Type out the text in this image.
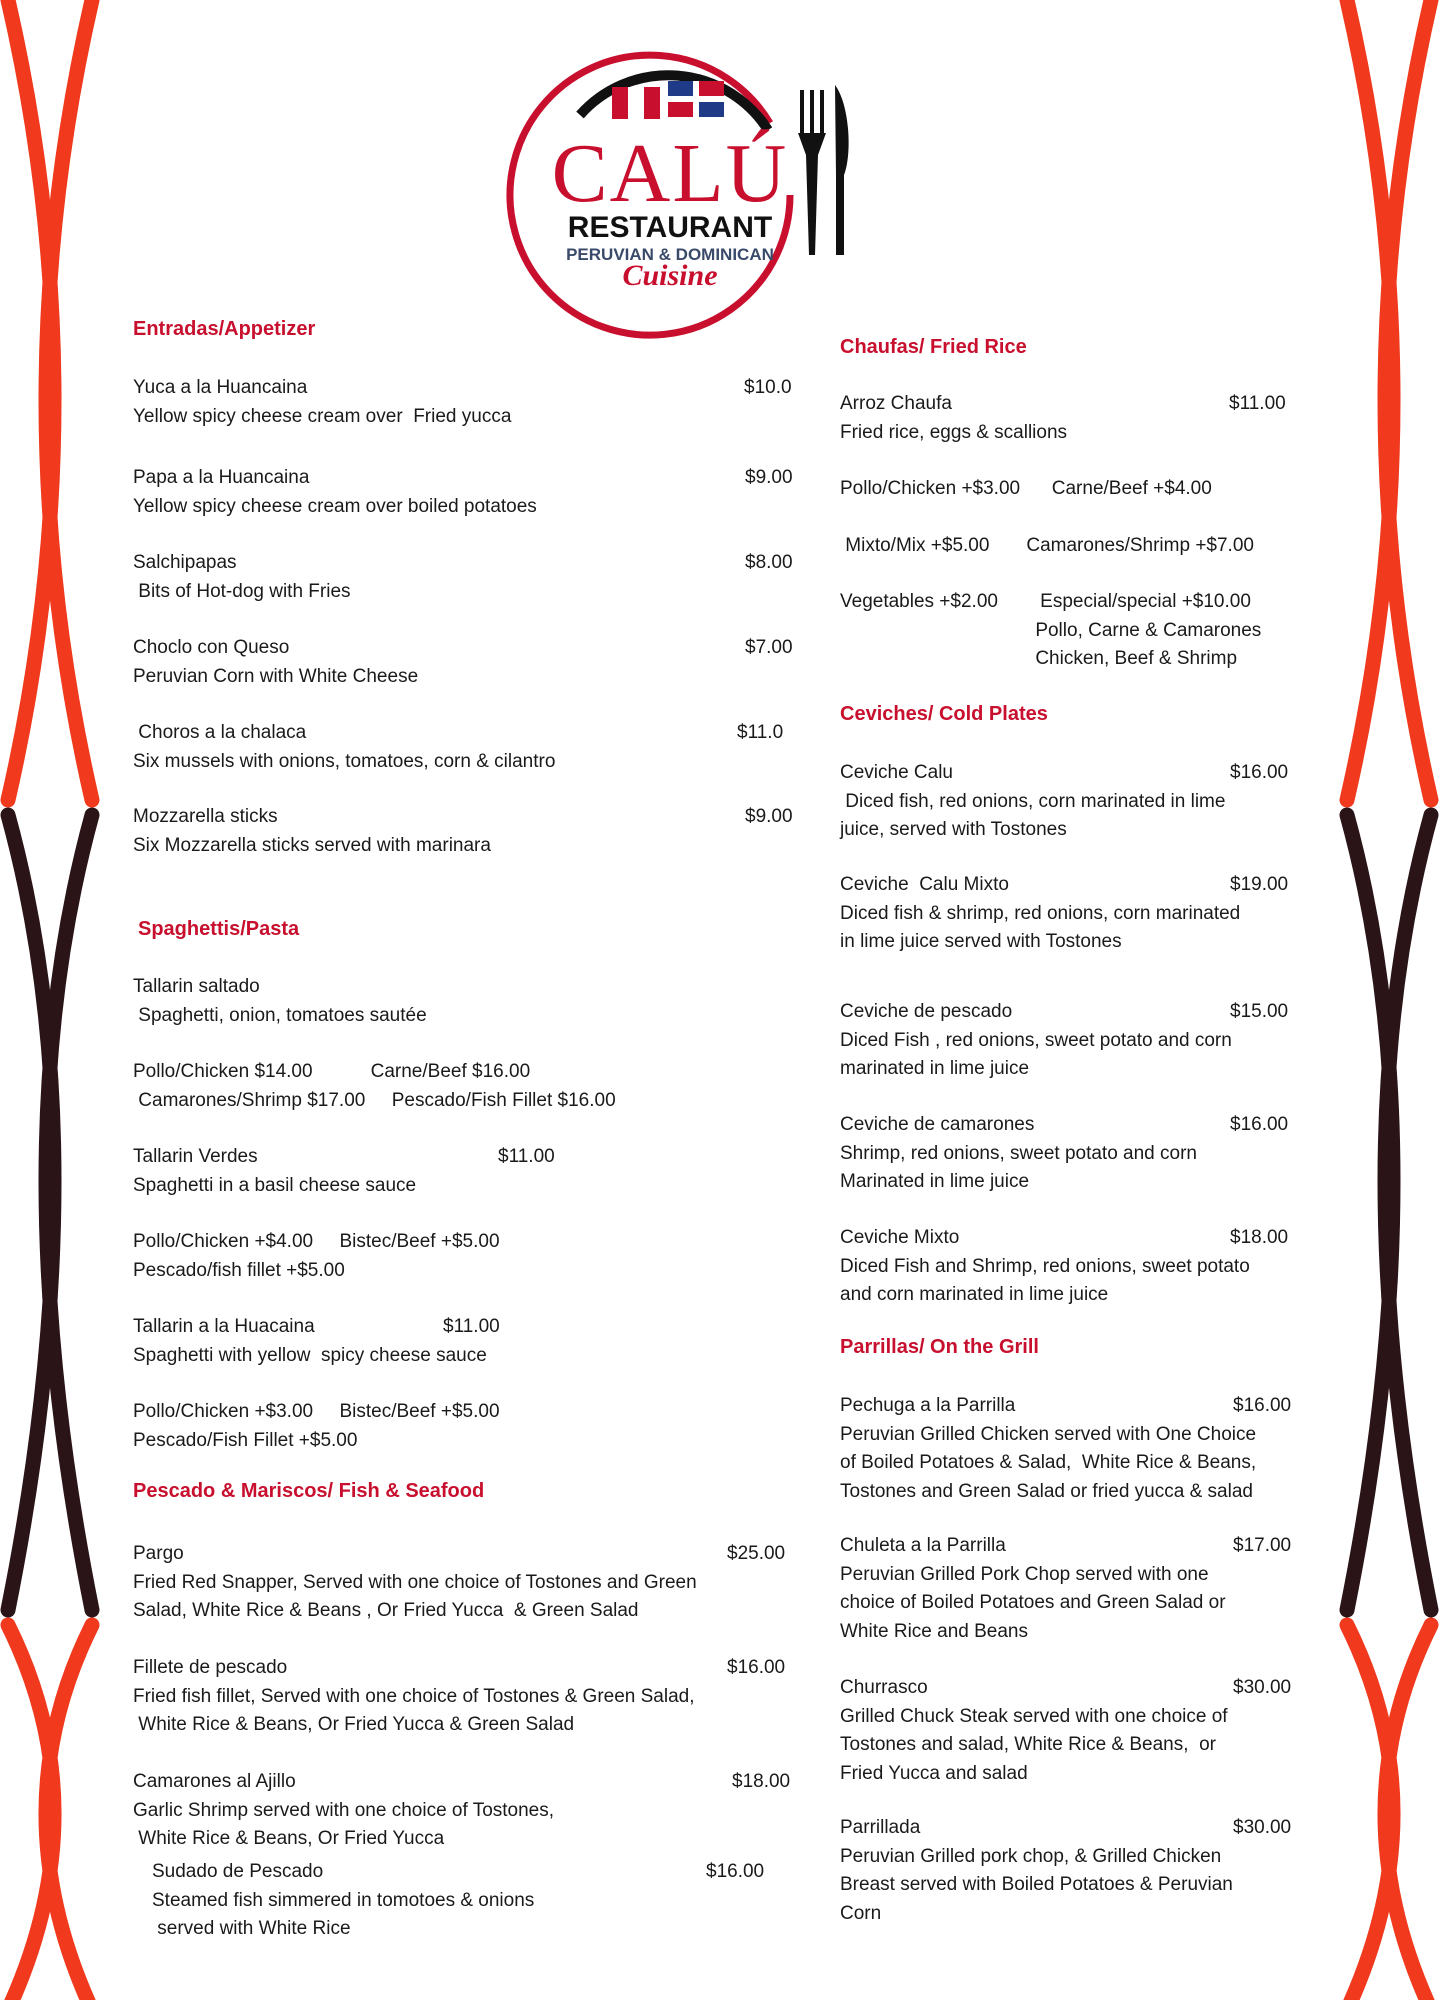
CALÚ
RESTAURANT
PERUVIAN & DOMINICAN
Cuisine
Entradas/Appetizer
Yuca a la Huancaina
Yellow spicy cheese cream over  Fried yucca
$10.0
Papa a la Huancaina
Yellow spicy cheese cream over boiled potatoes
$9.00
Salchipapas
Bits of Hot-dog with Fries
$8.00
Choclo con Queso
Peruvian Corn with White Cheese
$7.00
Choros a la chalaca
Six mussels with onions, tomatoes, corn & cilantro
$11.0
Mozzarella sticks
Six Mozzarella sticks served with marinara
$9.00
Spaghettis/Pasta
Tallarin saltado
Spaghetti, onion, tomatoes sautée
Pollo/Chicken $14.00           Carne/Beef $16.00
Camarones/Shrimp $17.00     Pescado/Fish Fillet $16.00
Tallarin Verdes
Spaghetti in a basil cheese sauce
$11.00
Pollo/Chicken +$4.00     Bistec/Beef +$5.00
Pescado/fish fillet +$5.00
Tallarin a la Huacaina
Spaghetti with yellow  spicy cheese sauce
$11.00
Pollo/Chicken +$3.00     Bistec/Beef +$5.00
Pescado/Fish Fillet +$5.00
Pescado & Mariscos/ Fish & Seafood
Pargo
Fried Red Snapper, Served with one choice of Tostones and Green
Salad, White Rice & Beans , Or Fried Yucca  & Green Salad
$25.00
Fillete de pescado
Fried fish fillet, Served with one choice of Tostones & Green Salad,
White Rice & Beans, Or Fried Yucca & Green Salad
$16.00
Camarones al Ajillo
Garlic Shrimp served with one choice of Tostones,
White Rice & Beans, Or Fried Yucca
$18.00
Sudado de Pescado
Steamed fish simmered in tomotoes & onions
served with White Rice
$16.00
Chaufas/ Fried Rice
Arroz Chaufa
Fried rice, eggs & scallions
$11.00
Pollo/Chicken +$3.00      Carne/Beef +$4.00
Mixto/Mix +$5.00       Camarones/Shrimp +$7.00
Vegetables +$2.00        Especial/special +$10.00
Pollo, Carne & Camarones
Chicken, Beef & Shrimp
Ceviches/ Cold Plates
Ceviche Calu
Diced fish, red onions, corn marinated in lime
juice, served with Tostones
$16.00
Ceviche  Calu Mixto
Diced fish & shrimp, red onions, corn marinated
in lime juice served with Tostones
$19.00
Ceviche de pescado
Diced Fish , red onions, sweet potato and corn
marinated in lime juice
$15.00
Ceviche de camarones
Shrimp, red onions, sweet potato and corn
Marinated in lime juice
$16.00
Ceviche Mixto
Diced Fish and Shrimp, red onions, sweet potato
and corn marinated in lime juice
$18.00
Parrillas/ On the Grill
Pechuga a la Parrilla
Peruvian Grilled Chicken served with One Choice
of Boiled Potatoes & Salad,  White Rice & Beans,
Tostones and Green Salad or fried yucca & salad
$16.00
Chuleta a la Parrilla
Peruvian Grilled Pork Chop served with one
choice of Boiled Potatoes and Green Salad or
White Rice and Beans
$17.00
Churrasco
Grilled Chuck Steak served with one choice of
Tostones and salad, White Rice & Beans,  or
Fried Yucca and salad
$30.00
Parrillada
Peruvian Grilled pork chop, & Grilled Chicken
Breast served with Boiled Potatoes & Peruvian
Corn
$30.00
